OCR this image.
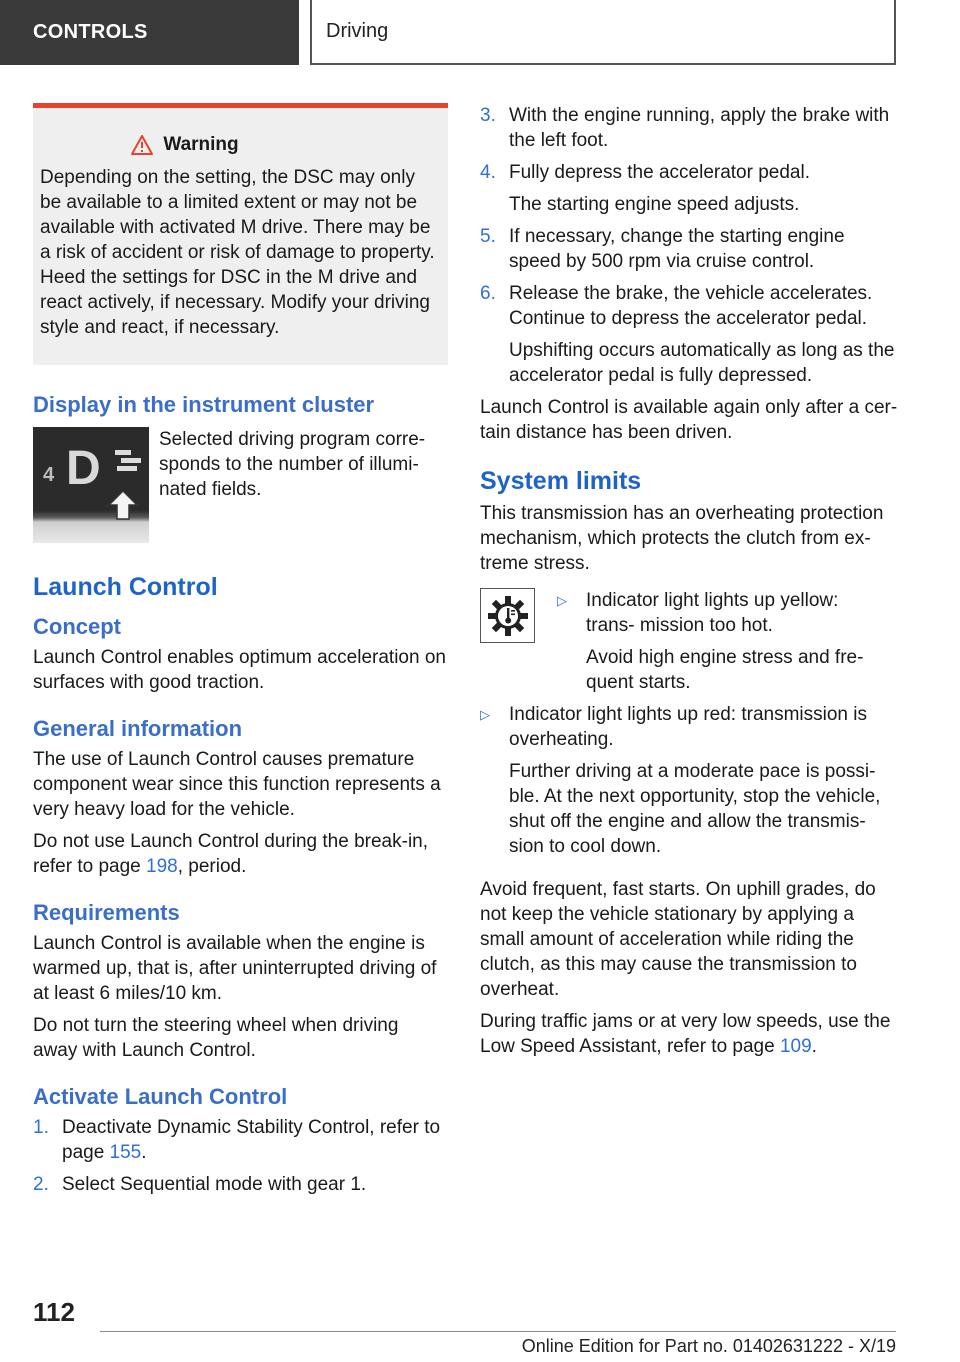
CONTROLS	Driving
Warning

Depending on the setting, the DSC may only be available to a limited extent or may not be available with activated M drive. There may be a risk of accident or risk of damage to property. Heed the settings for DSC in the M drive and react actively, if necessary. Modify your driving style and react, if necessary.

Display in the instrument cluster
4 D
Selected driving program corre- sponds to the number of illumi- nated fields.
Launch Control
Concept

Launch Control enables optimum acceleration on surfaces with good traction.

General information

The use of Launch Control causes premature component wear since this function represents a very heavy load for the vehicle.

Do not use Launch Control during the break-in, refer to page 198, period.

Requirements

Launch Control is available when the engine is warmed up, that is, after uninterrupted driving of at least 6 miles/10 km.

Do not turn the steering wheel when driving away with Launch Control.

Activate Launch Control
1. Deactivate Dynamic Stability Control, refer to page 155.
2. Select Sequential mode with gear 1.
3. With the engine running, apply the brake with the left foot.
4. Fully depress the accelerator pedal.

The starting engine speed adjusts.

5. If necessary, change the starting engine speed by 500 rpm via cruise control.
6. Release the brake, the vehicle accelerates. Continue to depress the accelerator pedal.

Upshifting occurs automatically as long as the accelerator pedal is fully depressed.

Launch Control is available again only after a cer- tain distance has been driven.

System limits

This transmission has an overheating protection mechanism, which protects the clutch from ex- treme stress.

▷	Indicator light lights up yellow: trans- mission too hot.

Avoid high engine stress and fre- quent starts.

▷	Indicator light lights up red: transmission is overheating.

Further driving at a moderate pace is possi- ble. At the next opportunity, stop the vehicle, shut off the engine and allow the transmis- sion to cool down.

Avoid frequent, fast starts. On uphill grades, do not keep the vehicle stationary by applying a small amount of acceleration while riding the clutch, as this may cause the transmission to overheat.

During traffic jams or at very low speeds, use the Low Speed Assistant, refer to page 109.

112
Online Edition for Part no. 01402631222 - X/19
